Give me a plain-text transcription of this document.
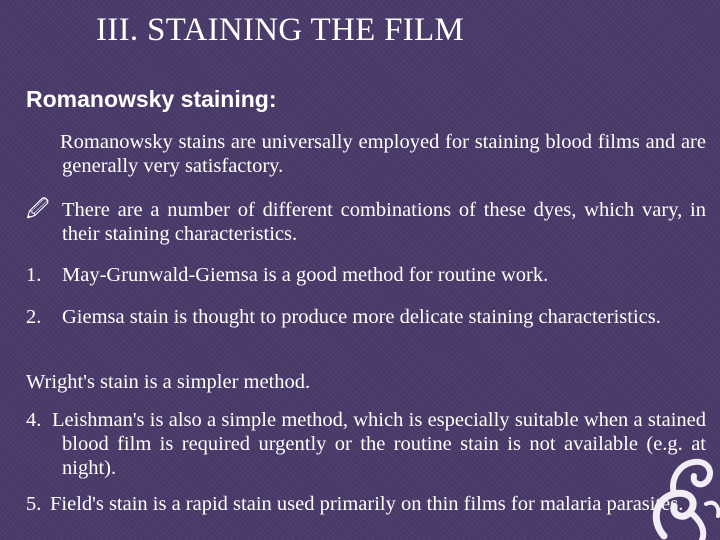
III. STAINING THE FILM
Romanowsky staining:

Romanowsky stains are universally employed for staining blood films and are generally very satisfactory.

🖉 There are a number of different combinations of these dyes, which vary, in their staining characteristics.

1. May-Grunwald-Giemsa is a good method for routine work.

2. Giemsa stain is thought to produce more delicate staining characteristics.

Wright's stain is a simpler method.

4. Leishman's is also a simple method, which is especially suitable when a stained blood film is required urgently or the routine stain is not available (e.g. at night).

5. Field's stain is a rapid stain used primarily on thin films for malaria parasites.
